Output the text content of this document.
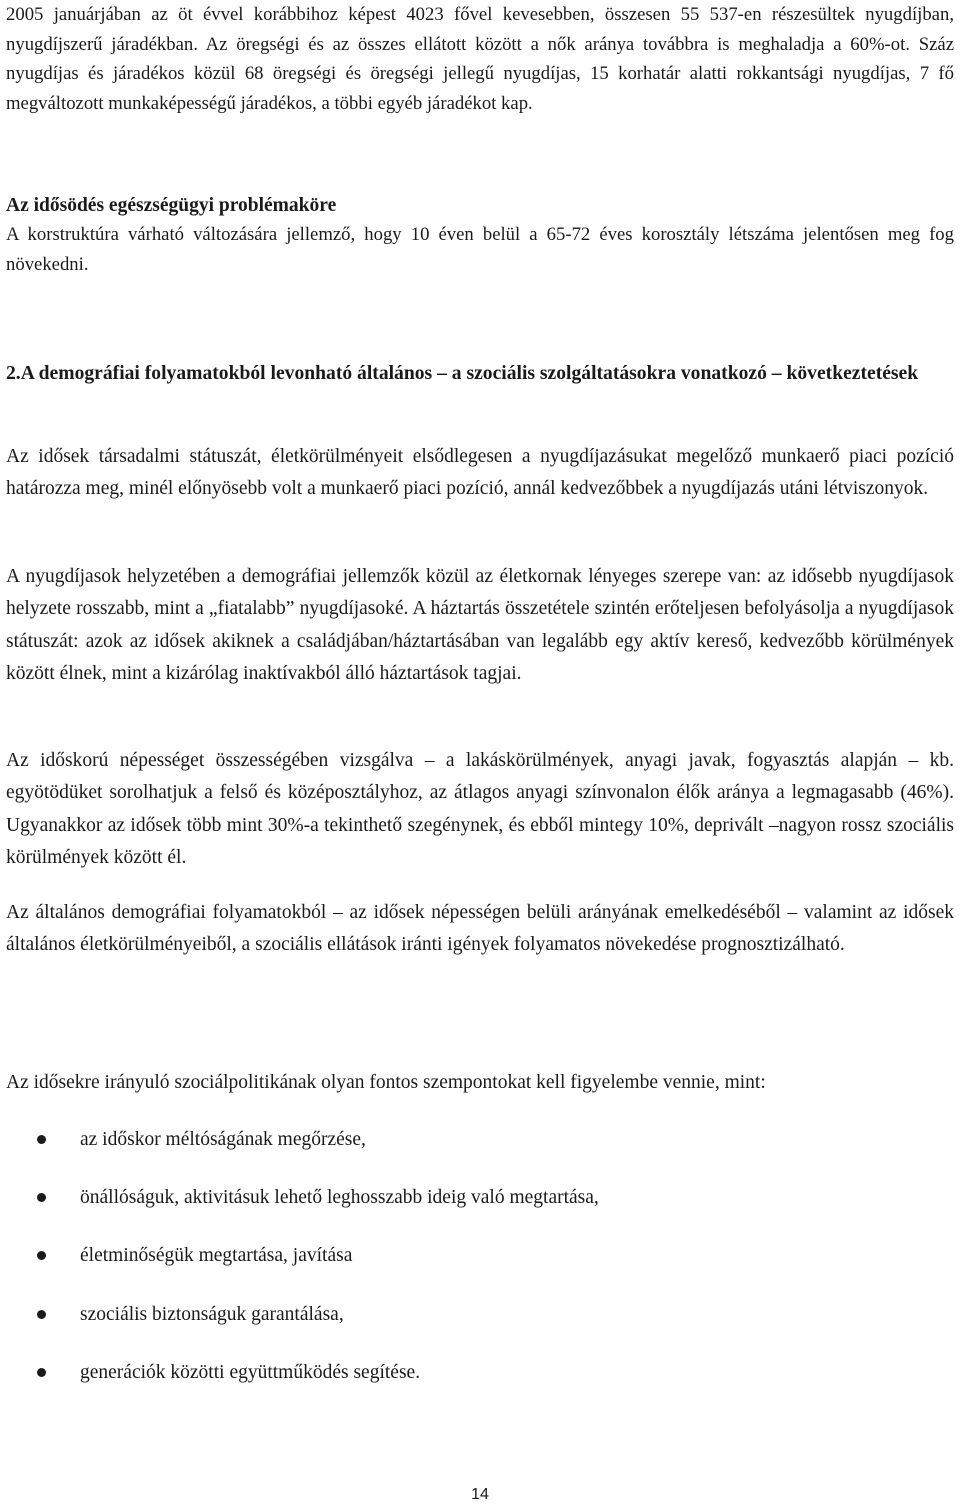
2005 januárjában az öt évvel korábbihoz képest 4023 fővel kevesebben, összesen 55 537-en részesültek nyugdíjban, nyugdíjszerű járadékban. Az öregségi és az összes ellátott között a nők aránya továbbra is meghaladja a 60%-ot. Száz nyugdíjas és járadékos közül 68 öregségi és öregségi jellegű nyugdíjas, 15 korhatár alatti rokkantsági nyugdíjas, 7 fő megváltozott munkaképességű járadékos, a többi egyéb járadékot kap.

Az idősödés egészségügyi problémaköre

A korstruktúra várható változására jellemző, hogy 10 éven belül a 65-72 éves korosztály létszáma jelentősen meg fog növekedni.

2.A demográfiai folyamatokból levonható általános – a szociális szolgáltatásokra vonatkozó – következtetések

Az idősek társadalmi státuszát, életkörülményeit elsődlegesen a nyugdíjazásukat megelőző munkaerő piaci pozíció határozza meg, minél előnyösebb volt a munkaerő piaci pozíció, annál kedvezőbbek a nyugdíjazás utáni létviszonyok.

A nyugdíjasok helyzetében a demográfiai jellemzők közül az életkornak lényeges szerepe van: az idősebb nyugdíjasok helyzete rosszabb, mint a „fiatalabb” nyugdíjasoké. A háztartás összetétele szintén erőteljesen befolyásolja a nyugdíjasok státuszát: azok az idősek akiknek a családjában/háztartásában van legalább egy aktív kereső, kedvezőbb körülmények között élnek, mint a kizárólag inaktívakból álló háztartások tagjai.

Az időskorú népességet összességében vizsgálva – a lakáskörülmények, anyagi javak, fogyasztás alapján – kb. egyötödüket sorolhatjuk a felső és középosztályhoz, az átlagos anyagi színvonalon élők aránya a legmagasabb (46%). Ugyanakkor az idősek több mint 30%-a tekinthető szegénynek, és ebből mintegy 10%, deprivált –nagyon rossz szociális körülmények között él.

Az általános demográfiai folyamatokból – az idősek népességen belüli arányának emelkedéséből – valamint az idősek általános életkörülményeiből, a szociális ellátások iránti igények folyamatos növekedése prognosztizálható.

Az idősekre irányuló szociálpolitikának olyan fontos szempontokat kell figyelembe vennie, mint:

az időskor méltóságának megőrzése,
önállóságuk, aktivitásuk lehető leghosszabb ideig való megtartása,
életminőségük megtartása, javítása
szociális biztonságuk garantálása,
generációk közötti együttműködés segítése.
14
